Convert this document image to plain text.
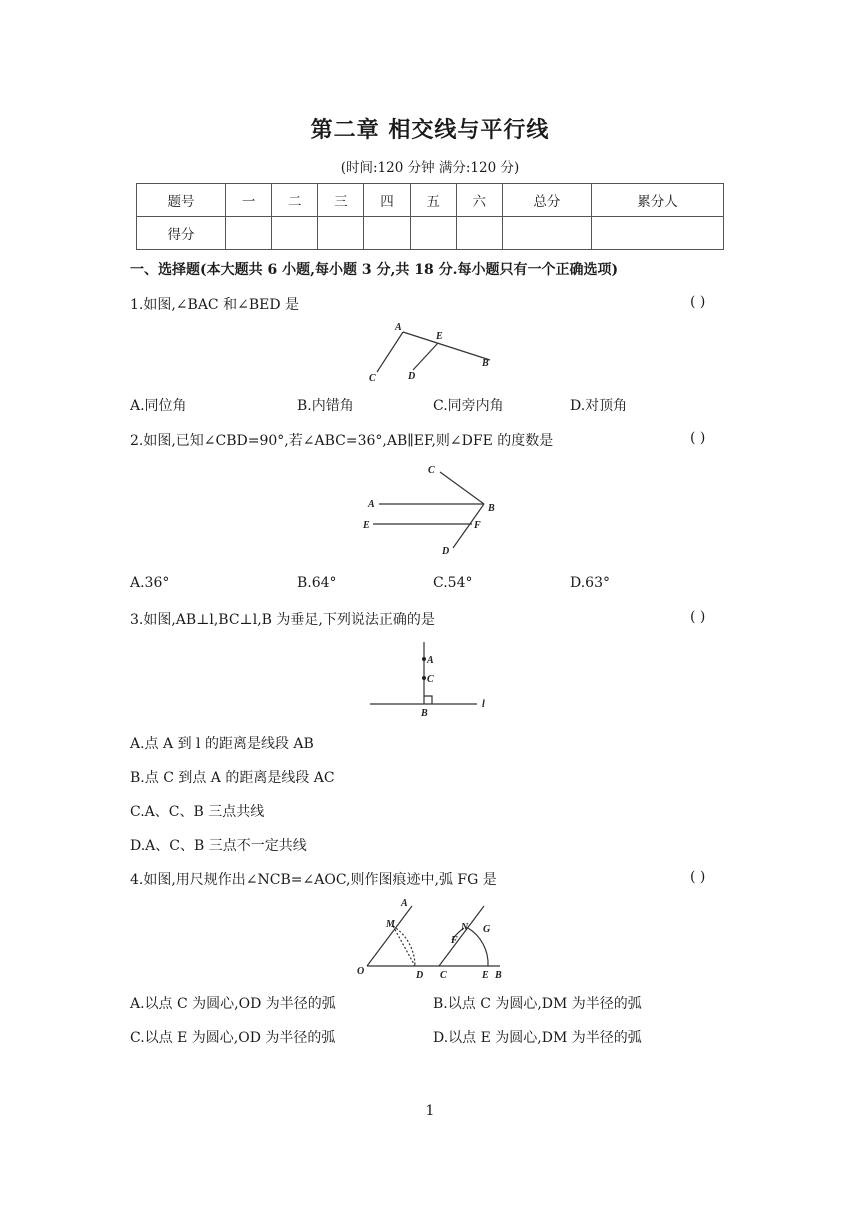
第二章 相交线与平行线
(时间:120 分钟 满分:120 分)
题号	一	二	三	四	五	六	总分	累分人
得分								
一、选择题(本大题共 6 小题,每小题 3 分,共 18 分.每小题只有一个正确选项)
1.如图,∠BAC 和∠BED 是	( )
A
E
B
C	D
A.同位角	B.内错角	C.同旁内角	D.对顶角
2.如图,已知∠CBD=90°,若∠ABC=36°,AB∥EF,则∠DFE 的度数是	( )
C
A	B
E	F
D
A.36°	B.64°	C.54°	D.63°
3.如图,AB⊥l,BC⊥l,B 为垂足,下列说法正确的是	( )
A
C
B
l
A.点 A 到 l 的距离是线段 AB
B.点 C 到点 A 的距离是线段 AC
C.A、C、B 三点共线
D.A、C、B 三点不一定共线
4.如图,用尺规作出∠NCB=∠AOC,则作图痕迹中,弧 FG 是	( )
A
M
O	D
N G
F
C	E B
A.以点 C 为圆心,OD 为半径的弧	B.以点 C 为圆心,DM 为半径的弧
C.以点 E 为圆心,OD 为半径的弧	D.以点 E 为圆心,DM 为半径的弧
1
